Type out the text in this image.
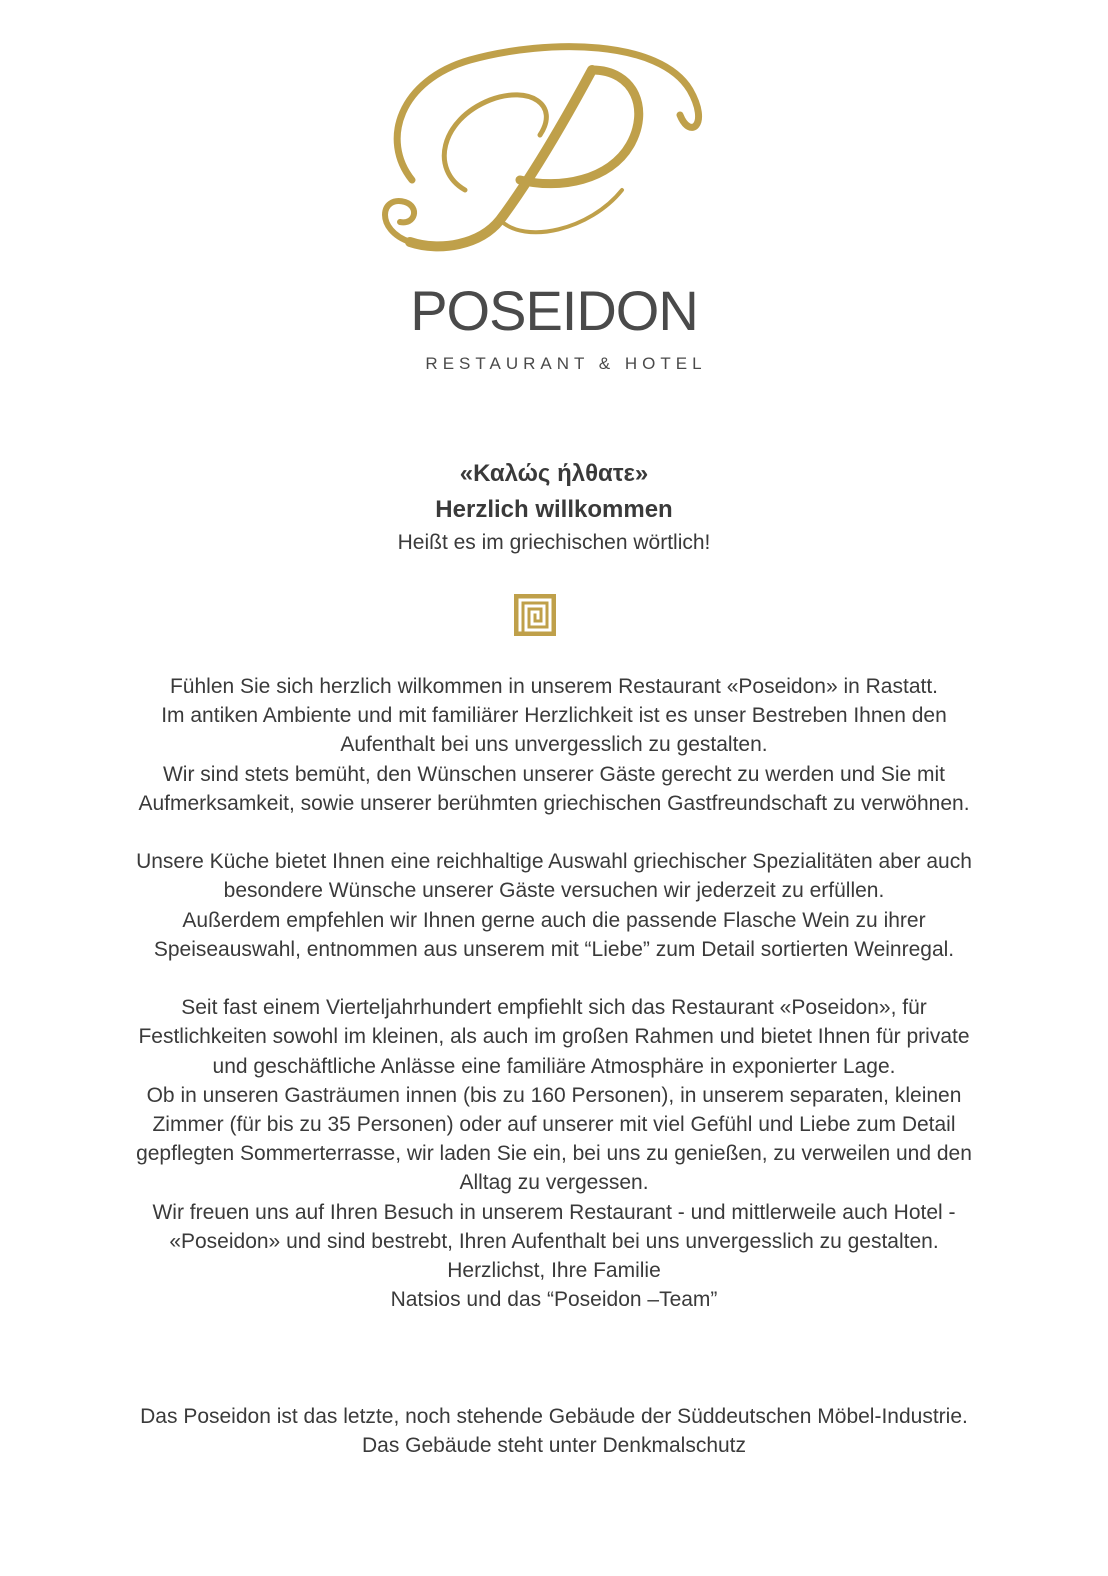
POSEIDON
RESTAURANT & HOTEL
«Καλώς ήλθατε»
Herzlich willkommen
Heißt es im griechischen wörtlich!
Fühlen Sie sich herzlich wilkommen in unserem Restaurant «Poseidon» in Rastatt.
Im antiken Ambiente und mit familiärer Herzlichkeit ist es unser Bestreben Ihnen den
Aufenthalt bei uns unvergesslich zu gestalten.
Wir sind stets bemüht, den Wünschen unserer Gäste gerecht zu werden und Sie mit
Aufmerksamkeit, sowie unserer berühmten griechischen Gastfreundschaft zu verwöhnen.
Unsere Küche bietet Ihnen eine reichhaltige Auswahl griechischer Spezialitäten aber auch
besondere Wünsche unserer Gäste versuchen wir jederzeit zu erfüllen.
Außerdem empfehlen wir Ihnen gerne auch die passende Flasche Wein zu ihrer
Speiseauswahl, entnommen aus unserem mit “Liebe” zum Detail sortierten Weinregal.
Seit fast einem Vierteljahrhundert empfiehlt sich das Restaurant «Poseidon», für
Festlichkeiten sowohl im kleinen, als auch im großen Rahmen und bietet Ihnen für private
und geschäftliche Anlässe eine familiäre Atmosphäre in exponierter Lage.
Ob in unseren Gasträumen innen (bis zu 160 Personen), in unserem separaten, kleinen
Zimmer (für bis zu 35 Personen) oder auf unserer mit viel Gefühl und Liebe zum Detail
gepflegten Sommerterrasse, wir laden Sie ein, bei uns zu genießen, zu verweilen und den
Alltag zu vergessen.
Wir freuen uns auf Ihren Besuch in unserem Restaurant - und mittlerweile auch Hotel -
«Poseidon» und sind bestrebt, Ihren Aufenthalt bei uns unvergesslich zu gestalten.
Herzlichst, Ihre Familie
Natsios und das “Poseidon –Team”
Das Poseidon ist das letzte, noch stehende Gebäude der Süddeutschen Möbel-Industrie.
Das Gebäude steht unter Denkmalschutz
